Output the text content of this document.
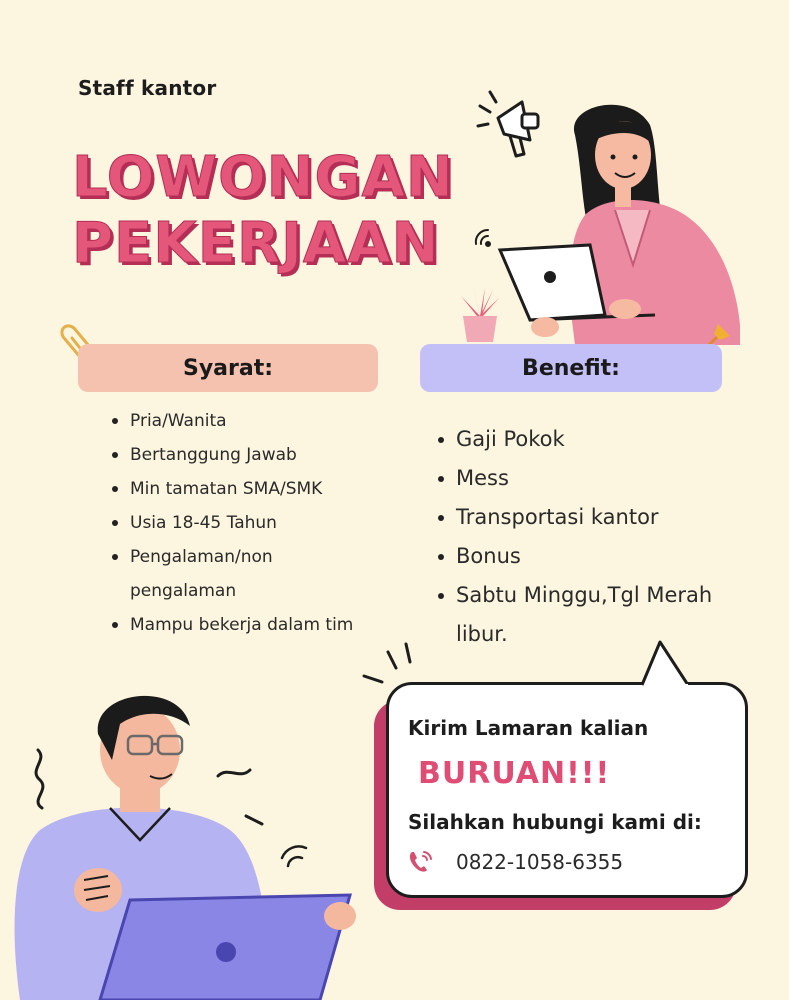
Staff kantor
LOWONGAN
PEKERJAAN
Syarat:	Benefit:
Pria/Wanita
Bertanggung Jawab
Min tamatan SMA/SMK
Usia 18-45 Tahun
Pengalaman/non pengalaman
Mampu bekerja dalam tim
Gaji Pokok
Mess
Transportasi kantor
Bonus
Sabtu Minggu,Tgl Merah libur.
Kirim Lamaran kalian
BURUAN!!!
Silahkan hubungi kami di:
0822-1058-6355
